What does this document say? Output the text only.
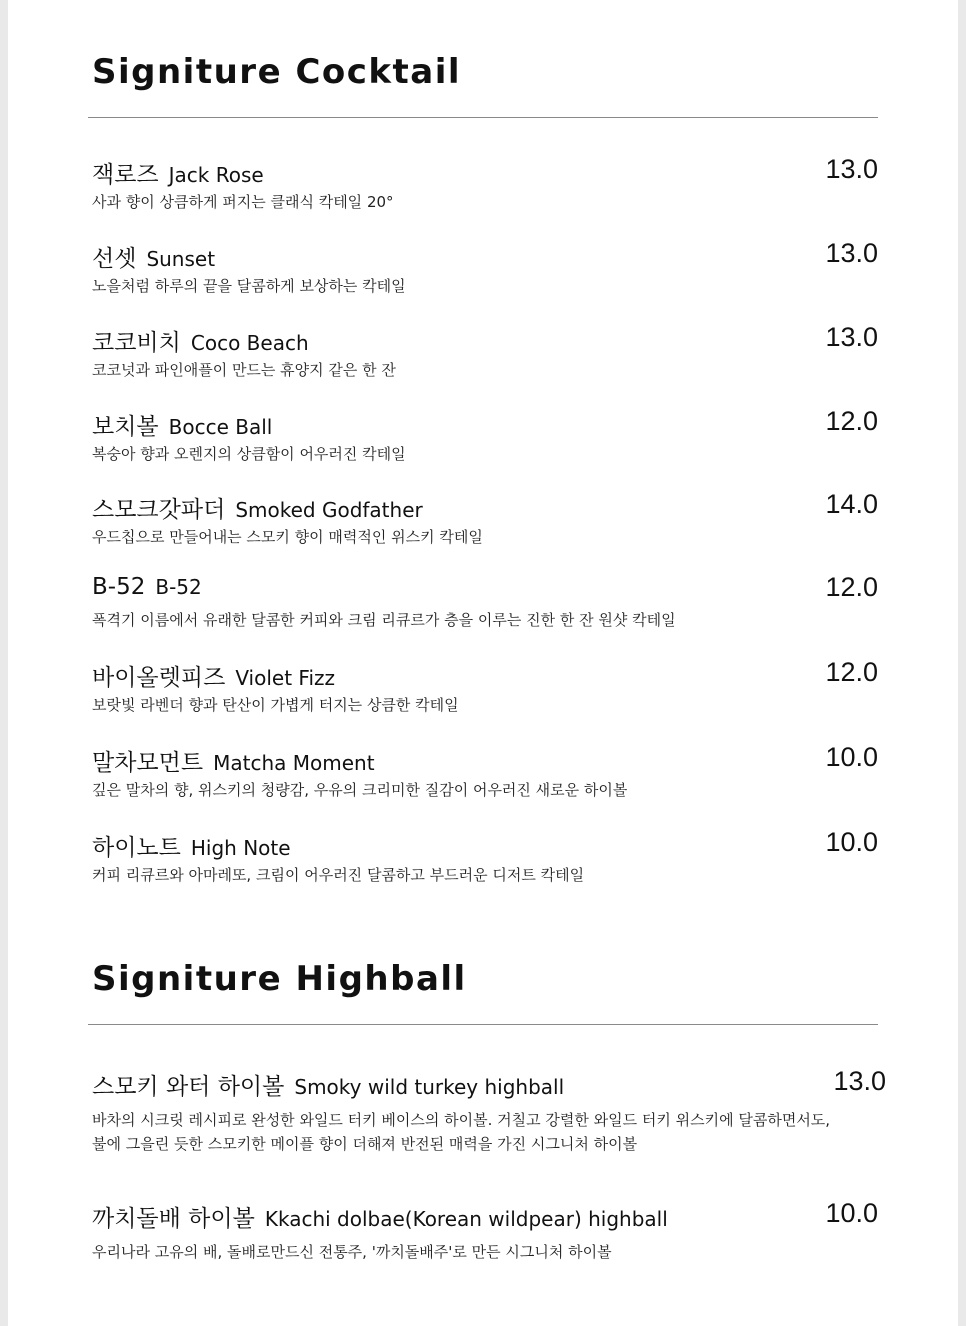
Signiture Cocktail
잭로즈 Jack Rose	13.0
사과 향이 상큼하게 퍼지는 클래식 칵테일 20°
선셋 Sunset	13.0
노을처럼 하루의 끝을 달콤하게 보상하는 칵테일
코코비치 Coco Beach	13.0
코코넛과 파인애플이 만드는 휴양지 같은 한 잔
보치볼 Bocce Ball	12.0
복숭아 향과 오렌지의 상큼함이 어우러진 칵테일
스모크갓파더 Smoked Godfather	14.0
우드칩으로 만들어내는 스모키 향이 매력적인 위스키 칵테일
B-52 B-52	12.0
폭격기 이름에서 유래한 달콤한 커피와 크림 리큐르가 층을 이루는 진한 한 잔 원샷 칵테일
바이올렛피즈 Violet Fizz	12.0
보랏빛 라벤더 향과 탄산이 가볍게 터지는 상큼한 칵테일
말차모먼트 Matcha Moment	10.0
깊은 말차의 향, 위스키의 청량감, 우유의 크리미한 질감이 어우러진 새로운 하이볼
하이노트 High Note	10.0
커피 리큐르와 아마레또, 크림이 어우러진 달콤하고 부드러운 디저트 칵테일
Signiture Highball
스모키 와터 하이볼 Smoky wild turkey highball	13.0
바차의 시크릿 레시피로 완성한 와일드 터키 베이스의 하이볼. 거칠고 강렬한 와일드 터키 위스키에 달콤하면서도,
불에 그을린 듯한 스모키한 메이플 향이 더해져 반전된 매력을 가진 시그니처 하이볼
까치돌배 하이볼 Kkachi dolbae(Korean wildpear) highball	10.0
우리나라 고유의 배, 돌배로만드신 전통주, '까치돌배주'로 만든 시그니처 하이볼
